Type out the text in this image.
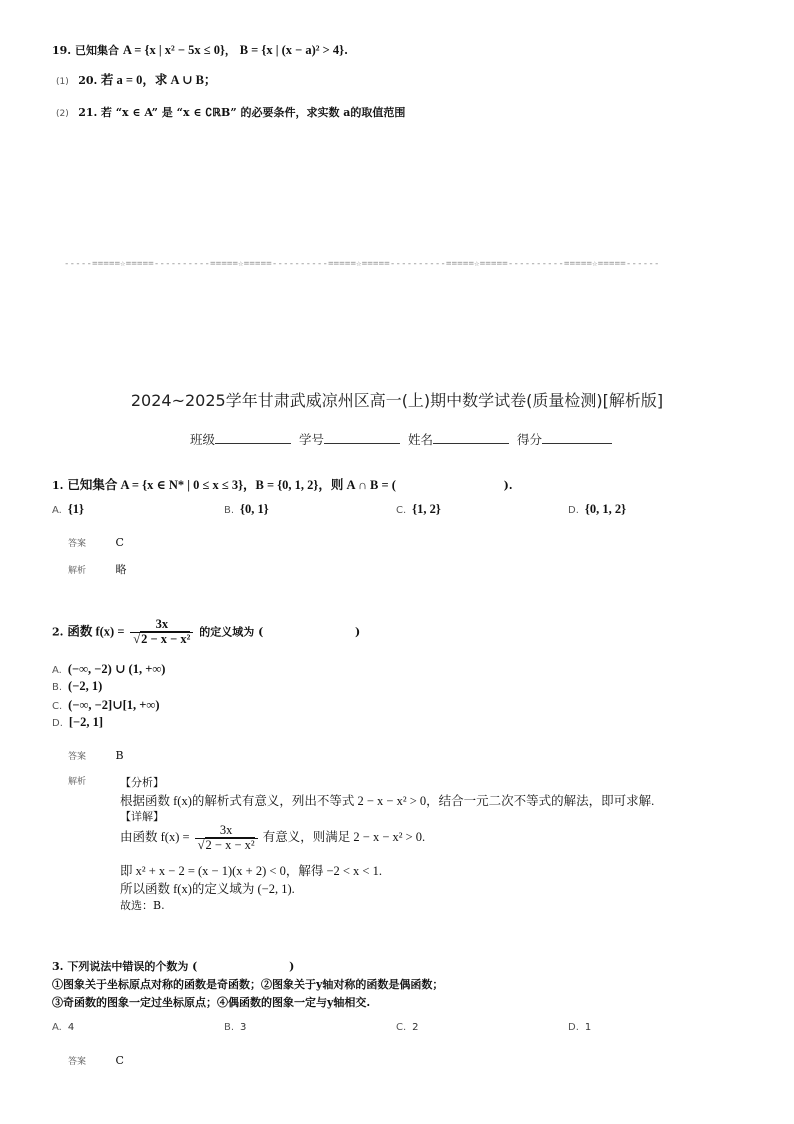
19. 已知集合 A = {x | x² − 5x ≤ 0}， B = {x | (x − a)² > 4}.
(1) 20. 若 a = 0，求 A ∪ B；
(2) 21. 若 “x ∈ A” 是 “x ∈ ∁ℝB” 的必要条件，求实数 a的取值范围
-----=====☆=====----------=====☆=====----------=====☆=====----------=====☆=====----------=====☆=====------
2024~2025学年甘肃武威凉州区高一(上)期中数学试卷(质量检测)[解析版]
班级	学号	姓名	得分
1. 已知集合 A = {x ∈ N* | 0 ≤ x ≤ 3}，B = {0, 1, 2}，则 A ∩ B = (	).
A. {1}	B. {0, 1}	C. {1, 2}	D. {0, 1, 2}
答案	C
解析	略
2. 函数 $f(x) = \frac{3x}{\text{√2 − x − x²}}$ 的定义域为 (	)
A. (−∞, −2) ∪ (1, +∞)
B. (−2, 1)
C. (−∞, −2]∪[1, +∞)
D. [−2, 1]
答案	B
解析	【分析】
根据函数 f(x)的解析式有意义，列出不等式 2 − x − x² > 0，结合一元二次不等式的解法，即可求解.
【详解】
由函数 $f(x) = \frac{3x}{\text{√2 − x − x²}}$ 有意义，则满足 2 − x − x² > 0.
即 x² + x − 2 = (x − 1)(x + 2) < 0，解得 −2 < x < 1.
所以函数 f(x)的定义域为 (−2, 1).
故选：B.
3. 下列说法中错误的个数为 (	)
①图象关于坐标原点对称的函数是奇函数；②图象关于y轴对称的函数是偶函数；
③奇函数的图象一定过坐标原点；④偶函数的图象一定与y轴相交.
A. 4	B. 3	C. 2	D. 1
答案	C
